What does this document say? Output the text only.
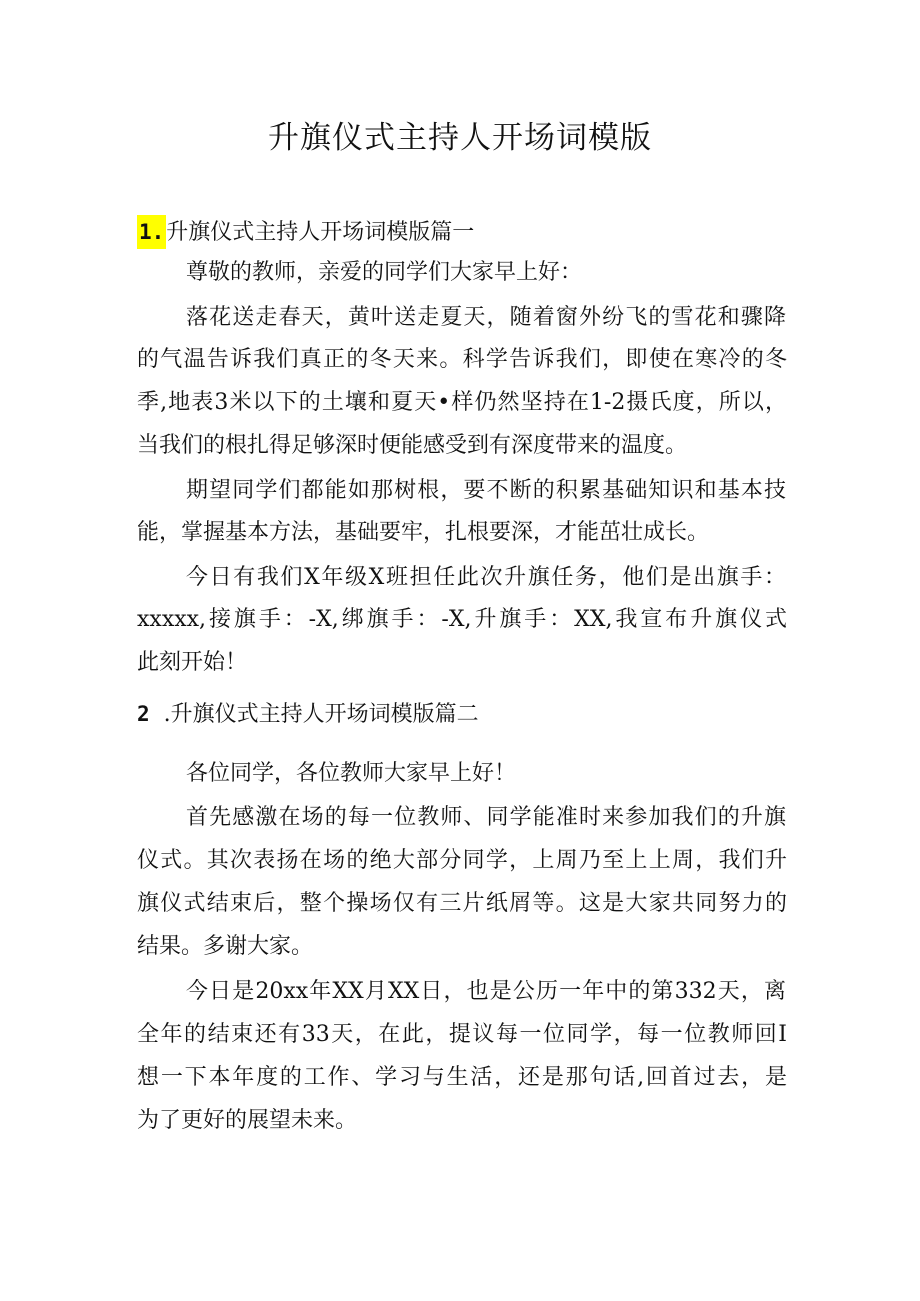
升旗仪式主持人开场词模版
1.升旗仪式主持人开场词模版篇一
尊敬的教师，亲爱的同学们大家早上好：
落花送走春天，黄叶送走夏天，随着窗外纷飞的雪花和骤降
的气温告诉我们真正的冬天来。科学告诉我们，即使在寒冷的冬
季,地表3米以下的土壤和夏天•样仍然坚持在1-2摄氏度，所以，
当我们的根扎得足够深时便能感受到有深度带来的温度。
期望同学们都能如那树根，要不断的积累基础知识和基本技
能，掌握基本方法，基础要牢，扎根要深，才能茁壮成长。
今日有我们X年级X班担任此次升旗任务，他们是出旗手：
xxxxx,接旗手：-X,绑旗手：-X,升旗手：XX,我宣布升旗仪式
此刻开始！
2 .升旗仪式主持人开场词模版篇二
各位同学，各位教师大家早上好！
首先感激在场的每一位教师、同学能准时来参加我们的升旗
仪式。其次表扬在场的绝大部分同学，上周乃至上上周，我们升
旗仪式结束后，整个操场仅有三片纸屑等。这是大家共同努力的
结果。多谢大家。
今日是20xx年XX月XX日，也是公历一年中的第332天，离
全年的结束还有33天，在此，提议每一位同学，每一位教师回I
想一下本年度的工作、学习与生活，还是那句话,回首过去，是
为了更好的展望未来。
